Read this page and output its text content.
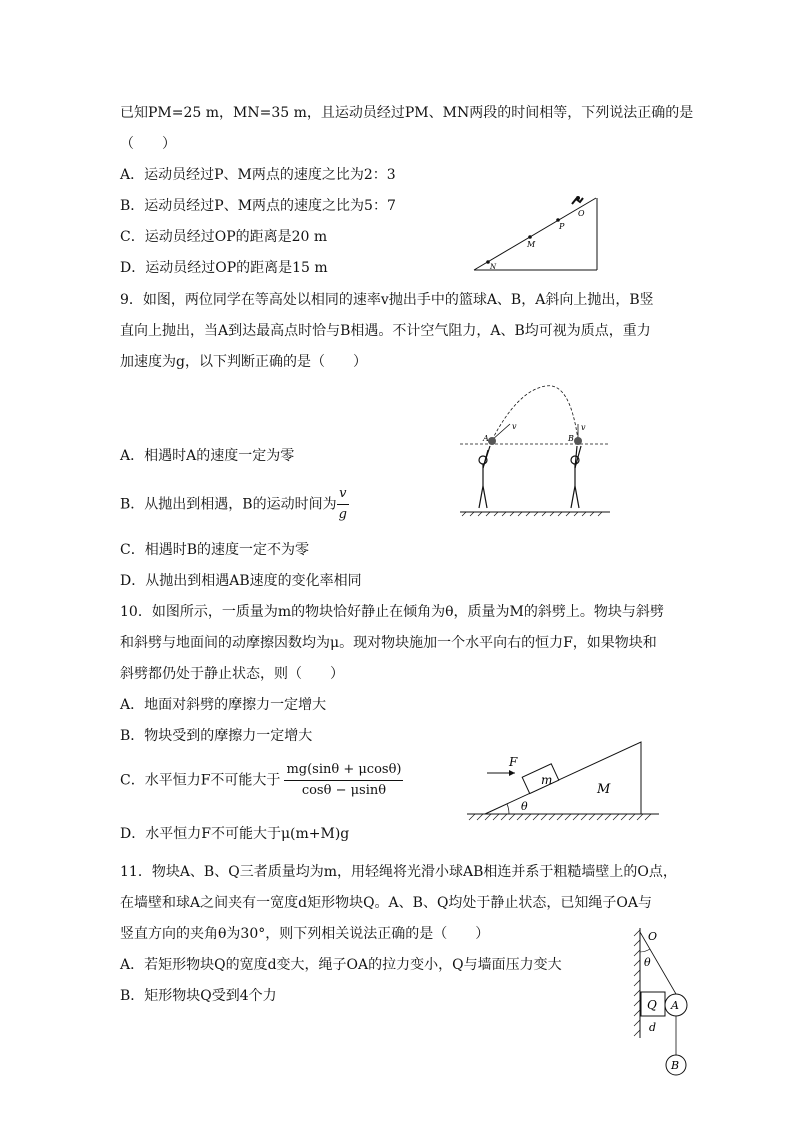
已知PM=25 m，MN=35 m，且运动员经过PM、MN两段的时间相等，下列说法正确的是
（　　）
A．运动员经过P、M两点的速度之比为2：3
B．运动员经过P、M两点的速度之比为5：7
C．运动员经过OP的距离是20 m
D．运动员经过OP的距离是15 m
O
P
M
N
9．如图，两位同学在等高处以相同的速率v抛出手中的篮球A、B，A斜向上抛出，B竖
直向上抛出，当A到达最高点时恰与B相遇。不计空气阻力，A、B均可视为质点，重力
加速度为g，以下判断正确的是（　　）
A．相遇时A的速度一定为零
B．从抛出到相遇，B的运动时间为 $\frac{v}{g}$
C．相遇时B的速度一定不为零
D．从抛出到相遇AB速度的变化率相同
A	B
v	v
10．如图所示，一质量为m的物块恰好静止在倾角为θ，质量为M的斜劈上。物块与斜劈
和斜劈与地面间的动摩擦因数均为μ。现对物块施加一个水平向右的恒力F，如果物块和
斜劈都仍处于静止状态，则（　　）
A．地面对斜劈的摩擦力一定增大
B．物块受到的摩擦力一定增大
C．水平恒力F不可能大于 $\frac{mg(\sin\theta + \mu\cos\theta)}{\cos\theta - \mu\sin\theta}$
D．水平恒力F不可能大于μ(m+M)g
F
m
M
θ
11．物块A、B、Q三者质量均为m，用轻绳将光滑小球AB相连并系于粗糙墙壁上的O点，
在墙壁和球A之间夹有一宽度d矩形物块Q。A、B、Q均处于静止状态，已知绳子OA与
竖直方向的夹角θ为30°，则下列相关说法正确的是（　　）
A．若矩形物块Q的宽度d变大，绳子OA的拉力变小，Q与墙面压力变大
B．矩形物块Q受到4个力
O
θ
Q A
d
B
